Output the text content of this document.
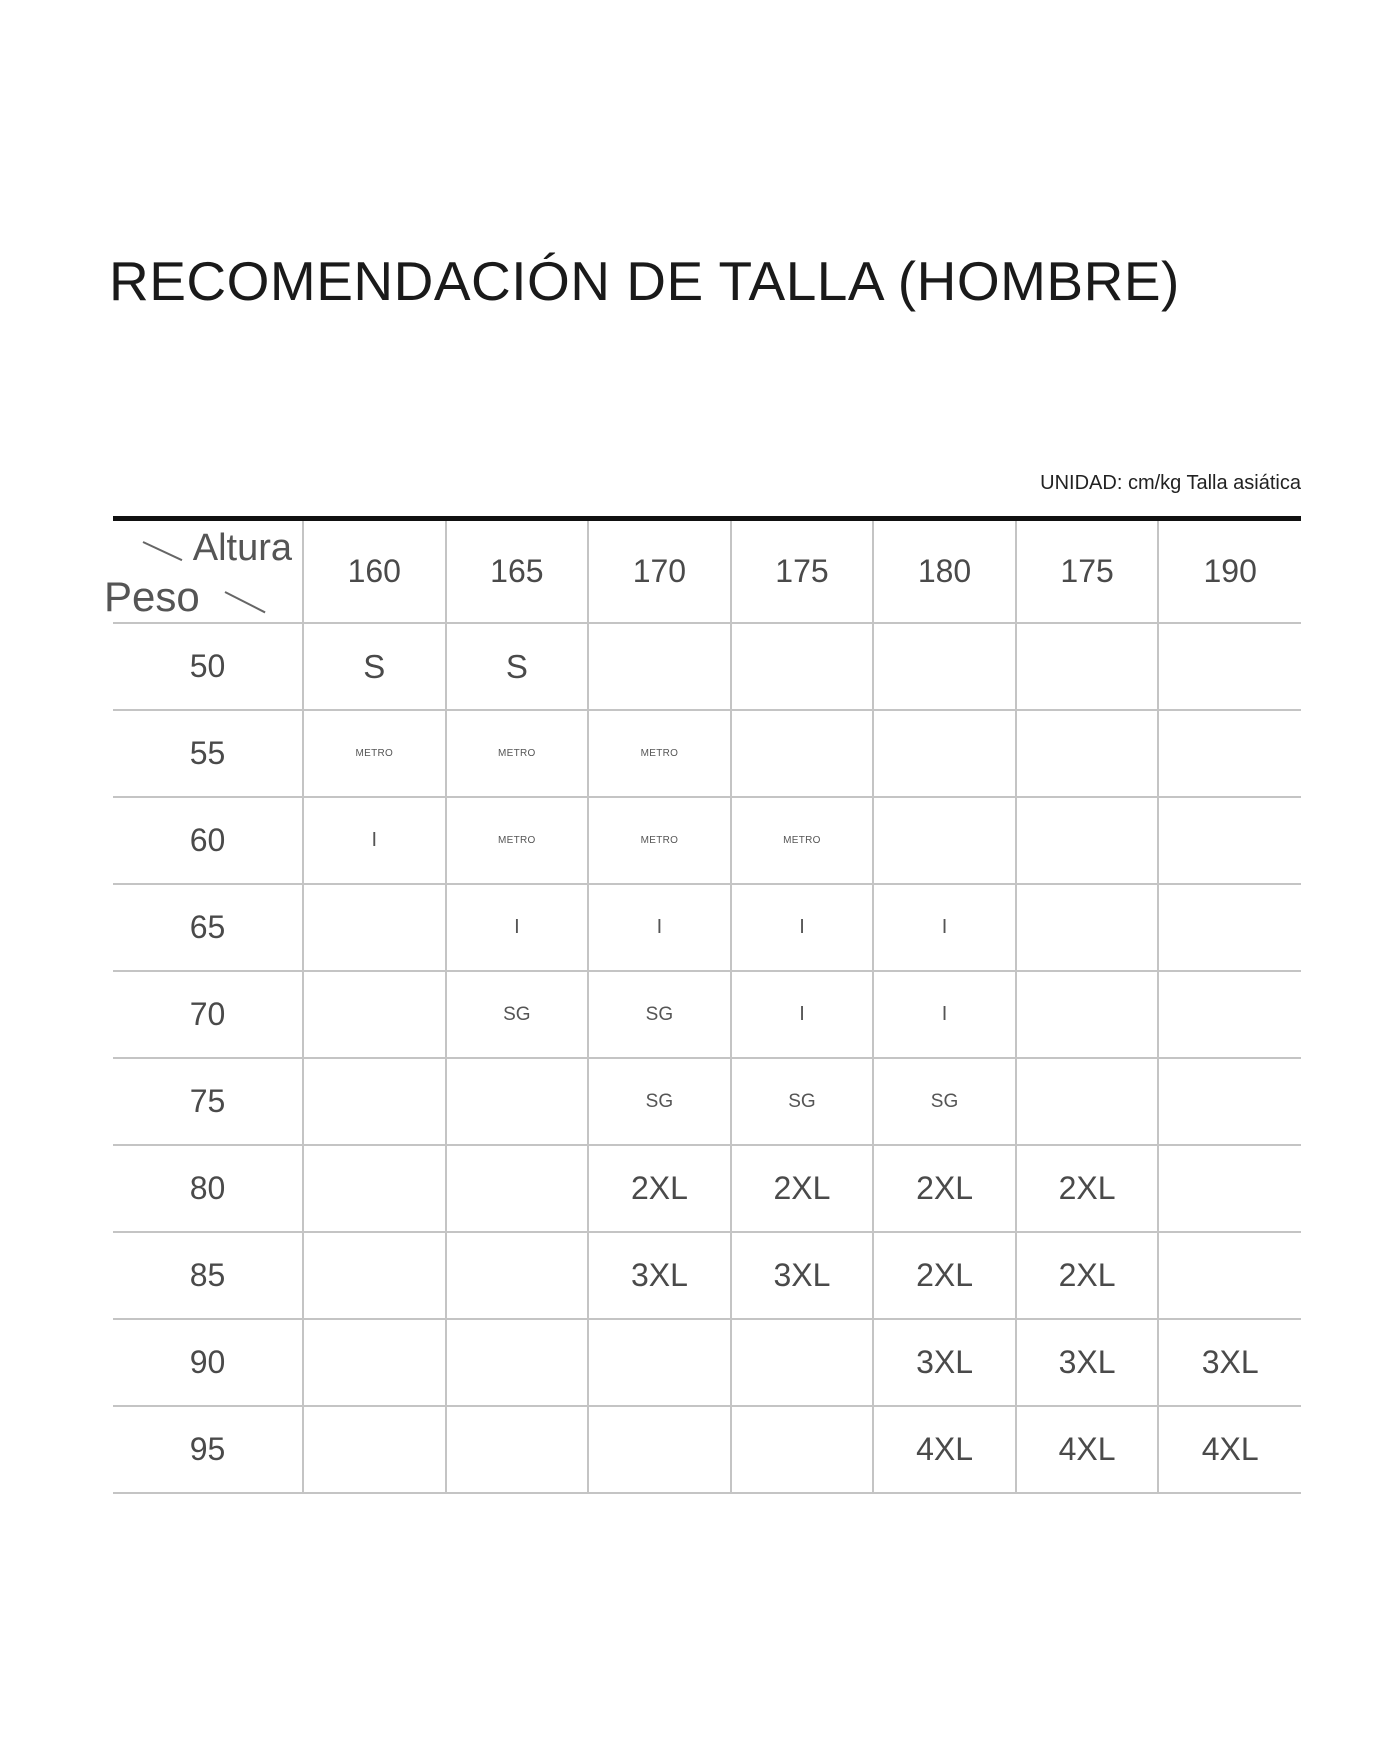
RECOMENDACIÓN DE TALLA (HOMBRE)
UNIDAD: cm/kg Talla asiática
Altura
Peso	160	165	170	175	180	175	190
50	S	S					
55	METRO	METRO	METRO				
60	I	METRO	METRO	METRO			
65		I	I	I	I		
70		SG	SG	I	I		
75			SG	SG	SG		
80			2XL	2XL	2XL	2XL	
85			3XL	3XL	2XL	2XL	
90					3XL	3XL	3XL
95					4XL	4XL	4XL
